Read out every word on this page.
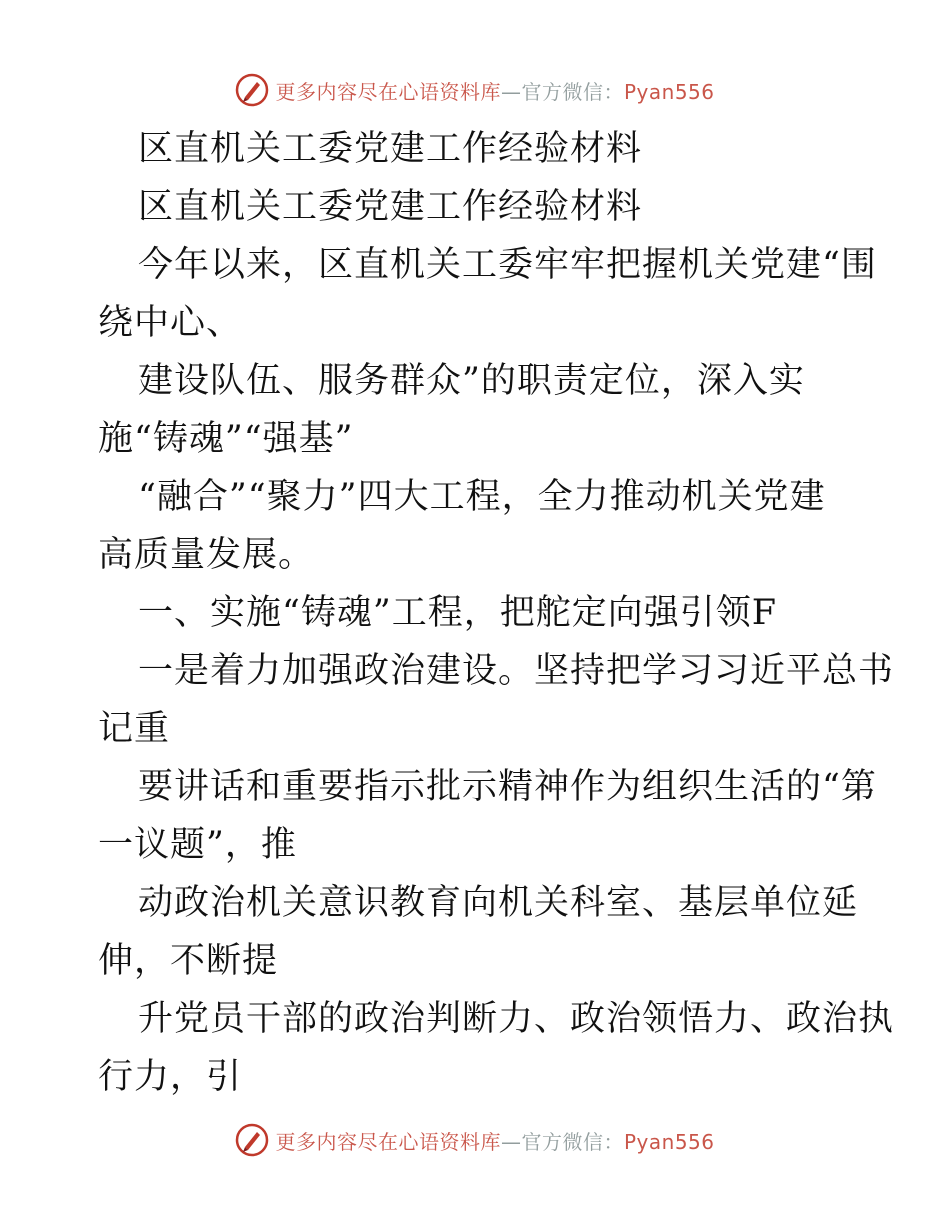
更多内容尽在心语资料库—官方微信：Pyan556
区直机关工委党建工作经验材料
区直机关工委党建工作经验材料
今年以来，区直机关工委牢牢把握机关党建“围
绕中心、
建设队伍、服务群众”的职责定位，深入实
施“铸魂”“强基”
“融合”“聚力”四大工程，全力推动机关党建
高质量发展。
一、实施“铸魂”工程，把舵定向强引领F
一是着力加强政治建设。坚持把学习习近平总书
记重
要讲话和重要指示批示精神作为组织生活的“第
一议题”，推
动政治机关意识教育向机关科室、基层单位延
伸，不断提
升党员干部的政治判断力、政治领悟力、政治执
行力，引
更多内容尽在心语资料库—官方微信：Pyan556
